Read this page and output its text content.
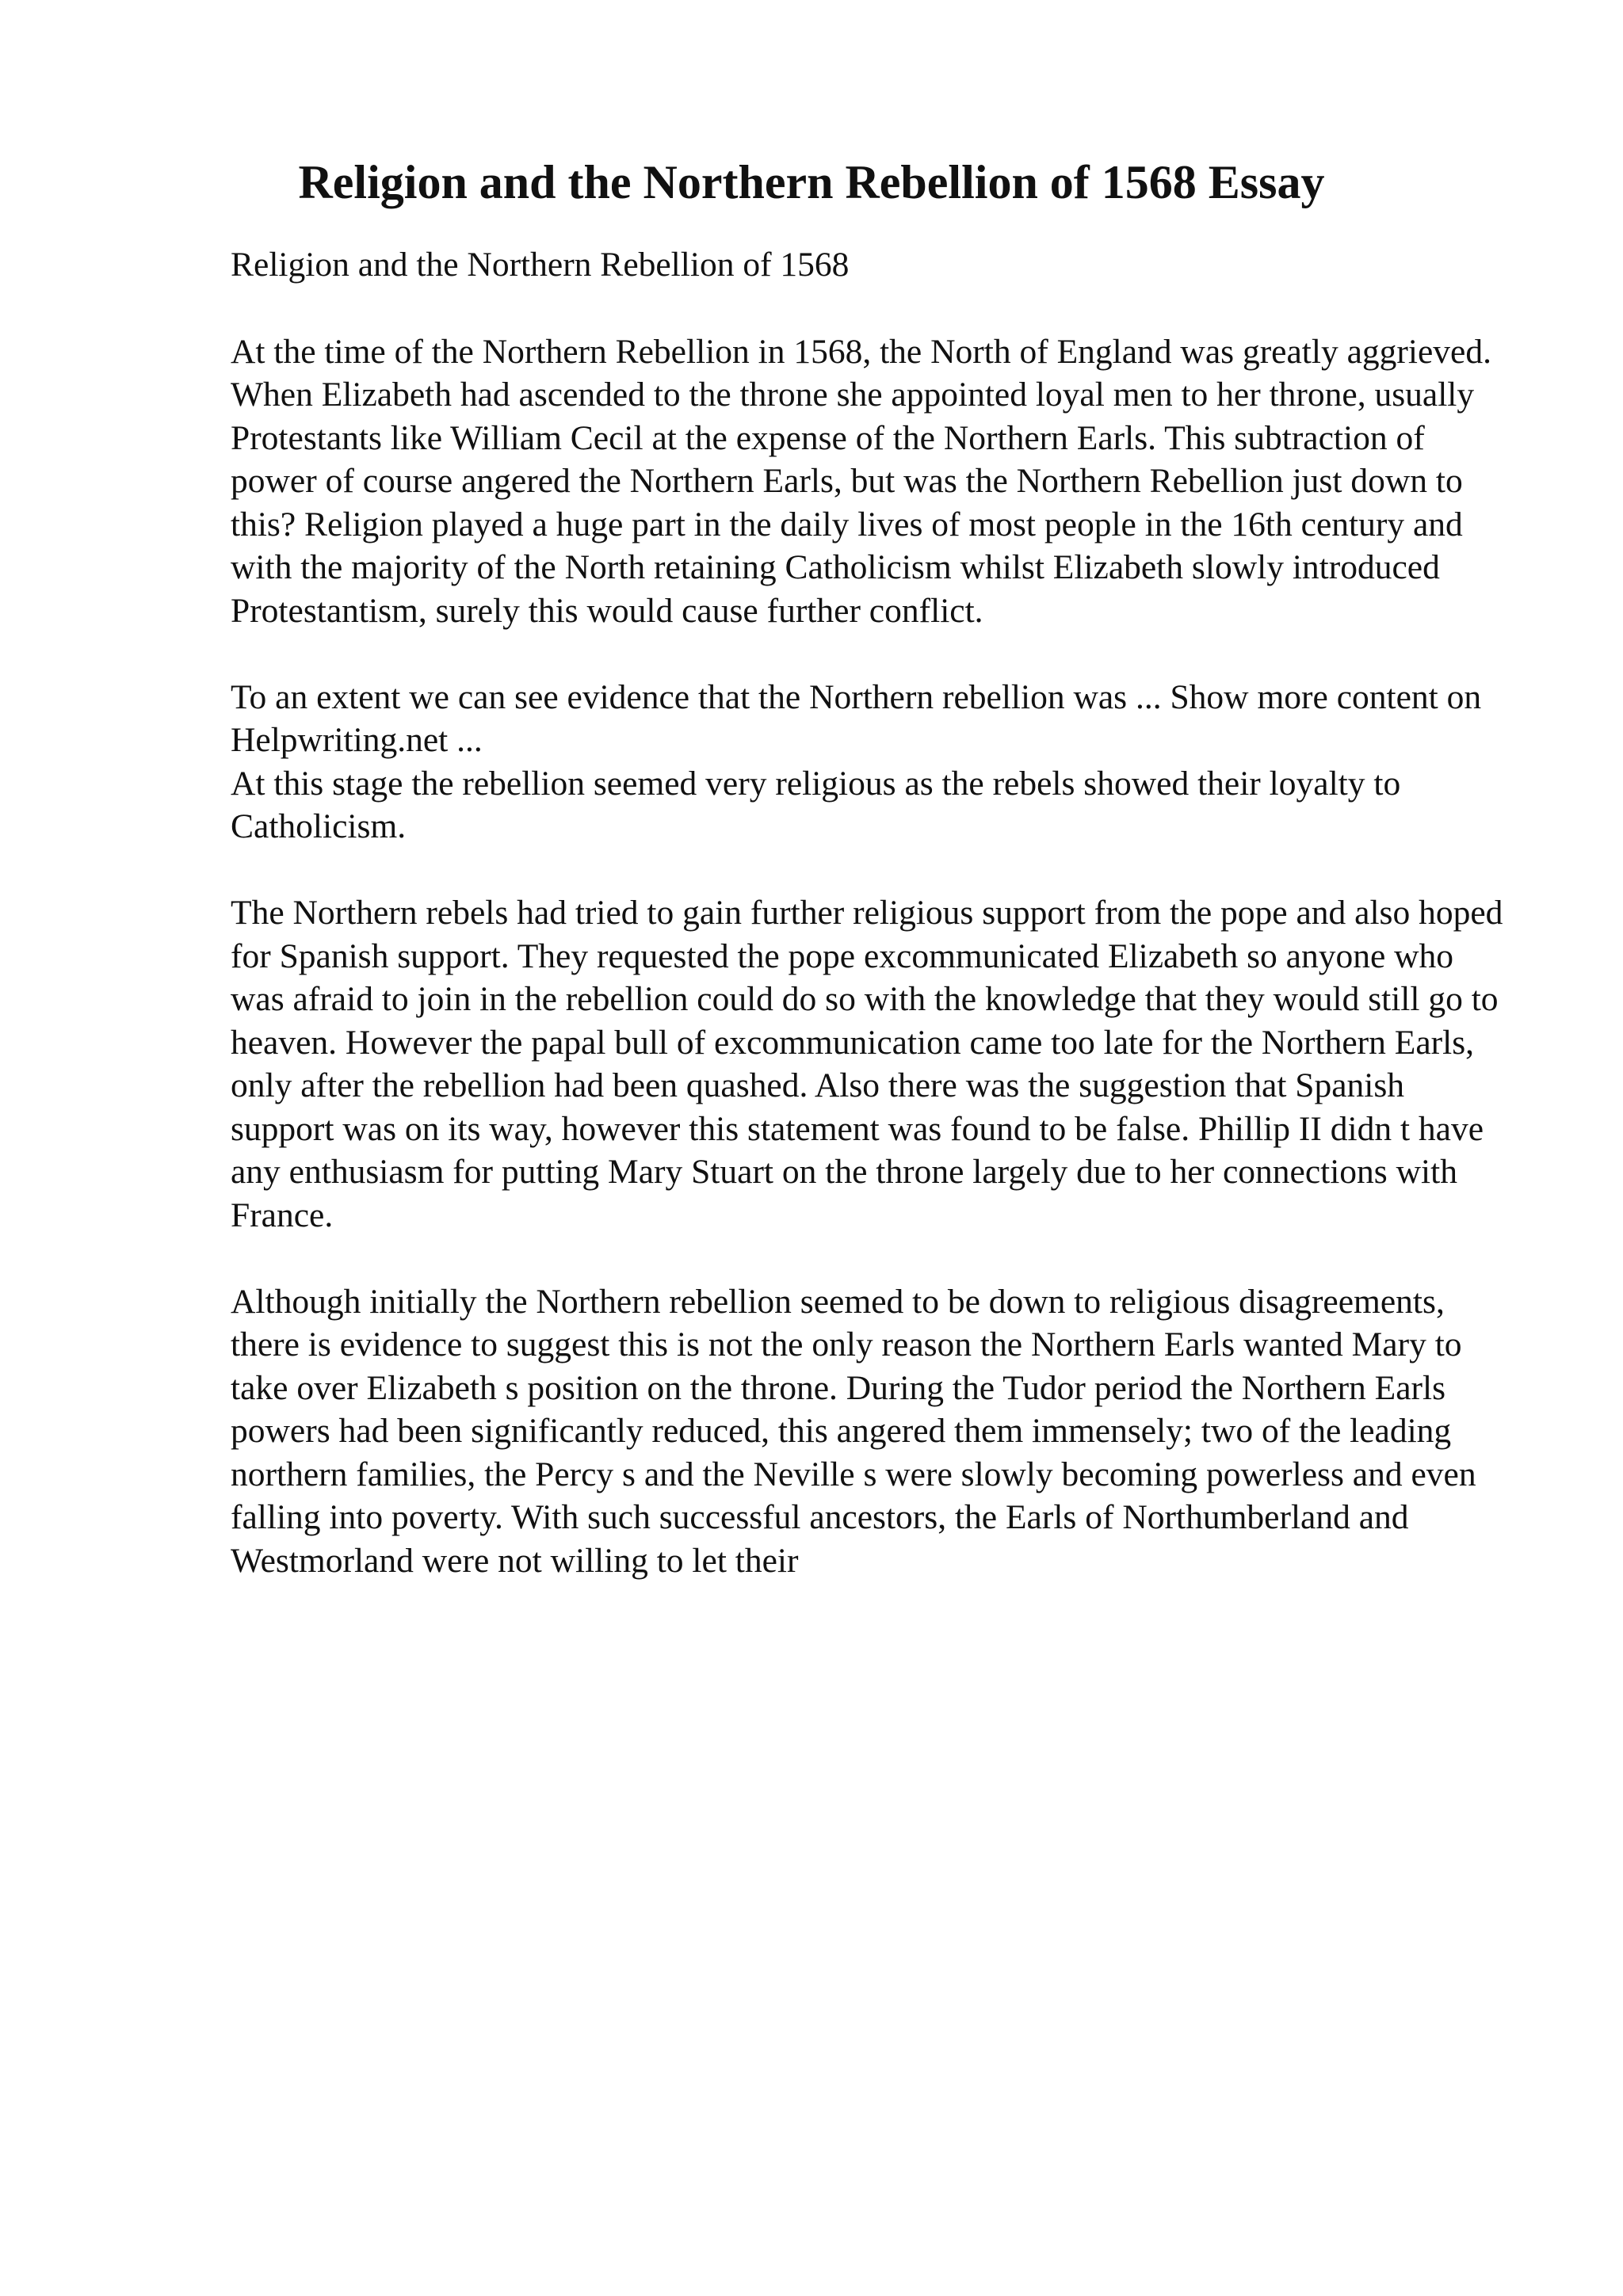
Religion and the Northern Rebellion of 1568 Essay

Religion and the Northern Rebellion of 1568

At the time of the Northern Rebellion in 1568, the North of England was greatly aggrieved. When Elizabeth had ascended to the throne she appointed loyal men to her throne, usually Protestants like William Cecil at the expense of the Northern Earls. This subtraction of power of course angered the Northern Earls, but was the Northern Rebellion just down to this? Religion played a huge part in the daily lives of most people in the 16th century and with the majority of the North retaining Catholicism whilst Elizabeth slowly introduced Protestantism, surely this would cause further conflict.

To an extent we can see evidence that the Northern rebellion was ... Show more content on Helpwriting.net ...

At this stage the rebellion seemed very religious as the rebels showed their loyalty to Catholicism.

The Northern rebels had tried to gain further religious support from the pope and also hoped for Spanish support. They requested the pope excommunicated Elizabeth so anyone who was afraid to join in the rebellion could do so with the knowledge that they would still go to heaven. However the papal bull of excommunication came too late for the Northern Earls, only after the rebellion had been quashed. Also there was the suggestion that Spanish support was on its way, however this statement was found to be false. Phillip II didn t have any enthusiasm for putting Mary Stuart on the throne largely due to her connections with France.

Although initially the Northern rebellion seemed to be down to religious disagreements, there is evidence to suggest this is not the only reason the Northern Earls wanted Mary to take over Elizabeth s position on the throne. During the Tudor period the Northern Earls powers had been significantly reduced, this angered them immensely; two of the leading northern families, the Percy s and the Neville s were slowly becoming powerless and even falling into poverty. With such successful ancestors, the Earls of Northumberland and Westmorland were not willing to let their
